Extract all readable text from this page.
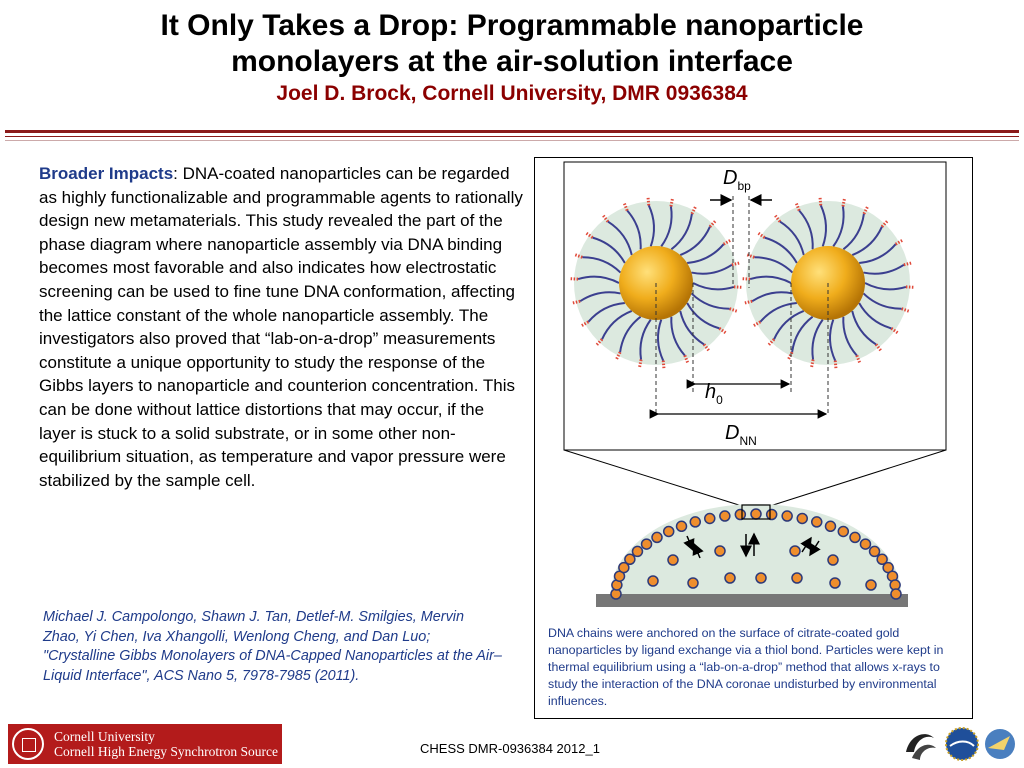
It Only Takes a Drop: Programmable nanoparticle
monolayers at the air-solution interface
Joel D. Brock, Cornell University, DMR 0936384
Broader Impacts: DNA-coated nanoparticles can be regarded as highly functionalizable and programmable agents to rationally design new metamaterials. This study revealed the part of the phase diagram where nanoparticle assembly via DNA binding becomes most favorable and also indicates how electrostatic screening can be used to fine tune DNA conformation, affecting the lattice constant of the whole nanoparticle assembly. The investigators also proved that “lab-on-a-drop” measurements constitute a unique opportunity to study the response of the Gibbs layers to nanoparticle and counterion concentration. This can be done without lattice distortions that may occur, if the layer is stuck to a solid substrate, or in some other non-equilibrium situation, as temperature and vapor pressure were stabilized by the sample cell.
Michael J. Campolongo, Shawn J. Tan, Detlef-M. Smilgies, Mervin Zhao, Yi Chen, Iva Xhangolli, Wenlong Cheng, and Dan Luo; "Crystalline Gibbs Monolayers of DNA-Capped Nanoparticles at the Air–Liquid Interface", ACS Nano 5, 7978-7985 (2011).
$D_{bp}$
$h_0$
$D_{NN}$
DNA chains were anchored on the surface of citrate-coated gold nanoparticles by ligand exchange via a thiol bond. Particles were kept in thermal equilibrium using a “lab-on-a-drop” method that allows x-rays to study the interaction of the DNA coronae undisturbed by environmental influences.
Cornell University
Cornell High Energy Synchrotron Source	CHESS DMR-0936384 2012_1
